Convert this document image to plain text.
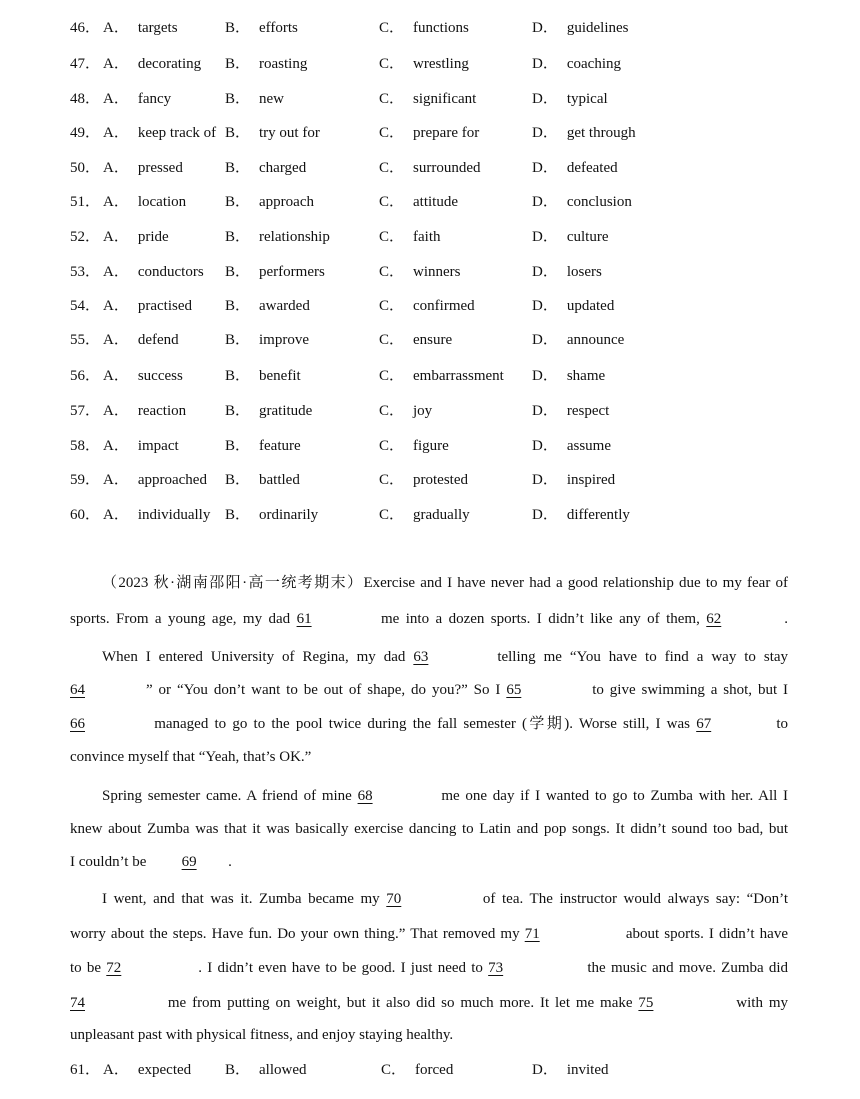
46． A． targets	B． efforts	C． functions	D． guidelines
47． A． decorating B． roasting	C． wrestling	D． coaching
48． A． fancy	B． new	C． significant	D． typical
49． A． keep track of B． try out for	C． prepare for	D． get through
50． A． pressed	B． charged	C． surrounded	D． defeated
51． A． location	B． approach	C． attitude	D． conclusion
52． A． pride	B． relationship	C． faith	D． culture
53． A． conductors B． performers	C． winners	D． losers
54． A． practised B． awarded	C． confirmed	D． updated
55． A． defend	B． improve	C． ensure	D． announce
56． A． success	B． benefit	C． embarrassment D． shame
57． A． reaction	B． gratitude	C． joy	D． respect
58． A． impact	B． feature	C． figure	D． assume
59． A． approached B． battled	C． protested	D． inspired
60． A． individually B． ordinarily	C． gradually	D． differently
（2023 秋·湖南邵阳·高一统考期末）Exercise and I have never had a good relationship due to my fear of
sports. From a young age, my dad 61	me into a dozen sports. I didn’t like any of them, 62	.
When I entered University of Regina, my dad 63	telling me “You have to find a way to stay
64	” or “You don’t want to be out of shape, do you?” So I 65	to give swimming a shot, but I
66	managed to go to the pool twice during the fall semester (学期). Worse still, I was 67	to
convince myself that “Yeah, that’s OK.”
Spring semester came. A friend of mine 68	me one day if I wanted to go to Zumba with her. All I
knew about Zumba was that it was basically exercise dancing to Latin and pop songs. It didn’t sound too bad, but
I couldn’t be 69 .
I went, and that was it. Zumba became my 70	of tea. The instructor would always say: “Don’t
worry about the steps. Have fun. Do your own thing.” That removed my 71	about sports. I didn’t have
to be 72	. I didn’t even have to be good. I just need to 73	the music and move. Zumba did
74	me from putting on weight, but it also did so much more. It let me make 75	with my
unpleasant past with physical fitness, and enjoy staying healthy.
61． A． expected B． allowed	C． forced	D． invited
